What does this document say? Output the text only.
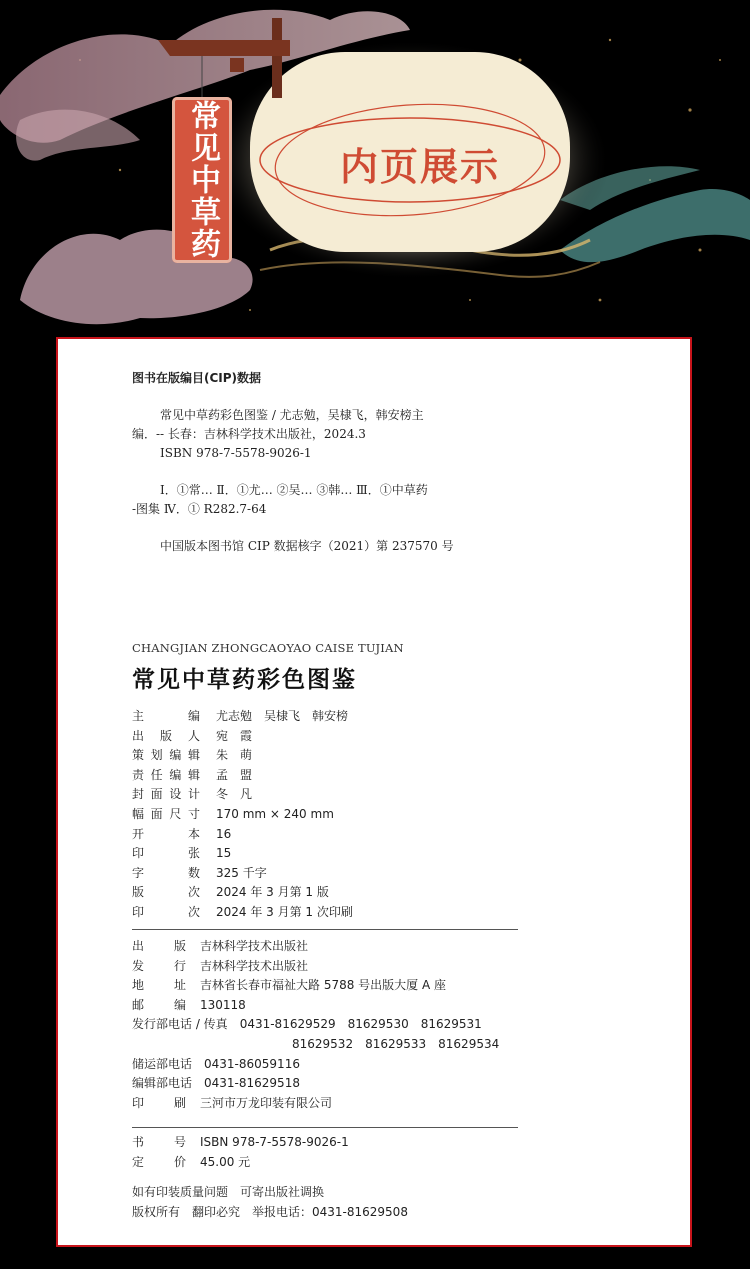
常见中草药	内页展示

图书在版编目(CIP)数据

常见中草药彩色图鉴 / 尤志勉，吴棣飞，韩安榜主

编．-- 长春：吉林科学技术出版社，2024.3

ISBN 978-7-5578-9026-1

Ⅰ．①常… Ⅱ．①尤… ②吴… ③韩… Ⅲ．①中草药

-图集 Ⅳ．① R282.7-64

中国版本图书馆 CIP 数据核字（2021）第 237570 号

CHANGJIAN ZHONGCAOYAO CAISE TUJIAN
常见中草药彩色图鉴
主	编 尤志勉　吴棣飞　韩安榜
出 版 人 宛　霞
策 划 编 辑 朱　萌
责 任 编 辑 孟　盟
封 面 设 计 冬　凡
幅 面 尺 寸 170 mm × 240 mm
开	本 16
印	张 15
字	数 325 千字
版	次 2024 年 3 月第 1 版
印	次 2024 年 3 月第 1 次印刷
出 版 吉林科学技术出版社
发 行 吉林科学技术出版社
地 址 吉林省长春市福祉大路 5788 号出版大厦 A 座
邮 编 130118
发行部电话 / 传真 0431-81629529　81629530　81629531
81629532　81629533　81629534
储运部电话 0431-86059116
编辑部电话 0431-81629518
印 刷 三河市万龙印装有限公司
书 号 ISBN 978-7-5578-9026-1
定 价 45.00 元
如有印装质量问题　可寄出版社调换
版权所有　翻印必究　举报电话：0431-81629508
